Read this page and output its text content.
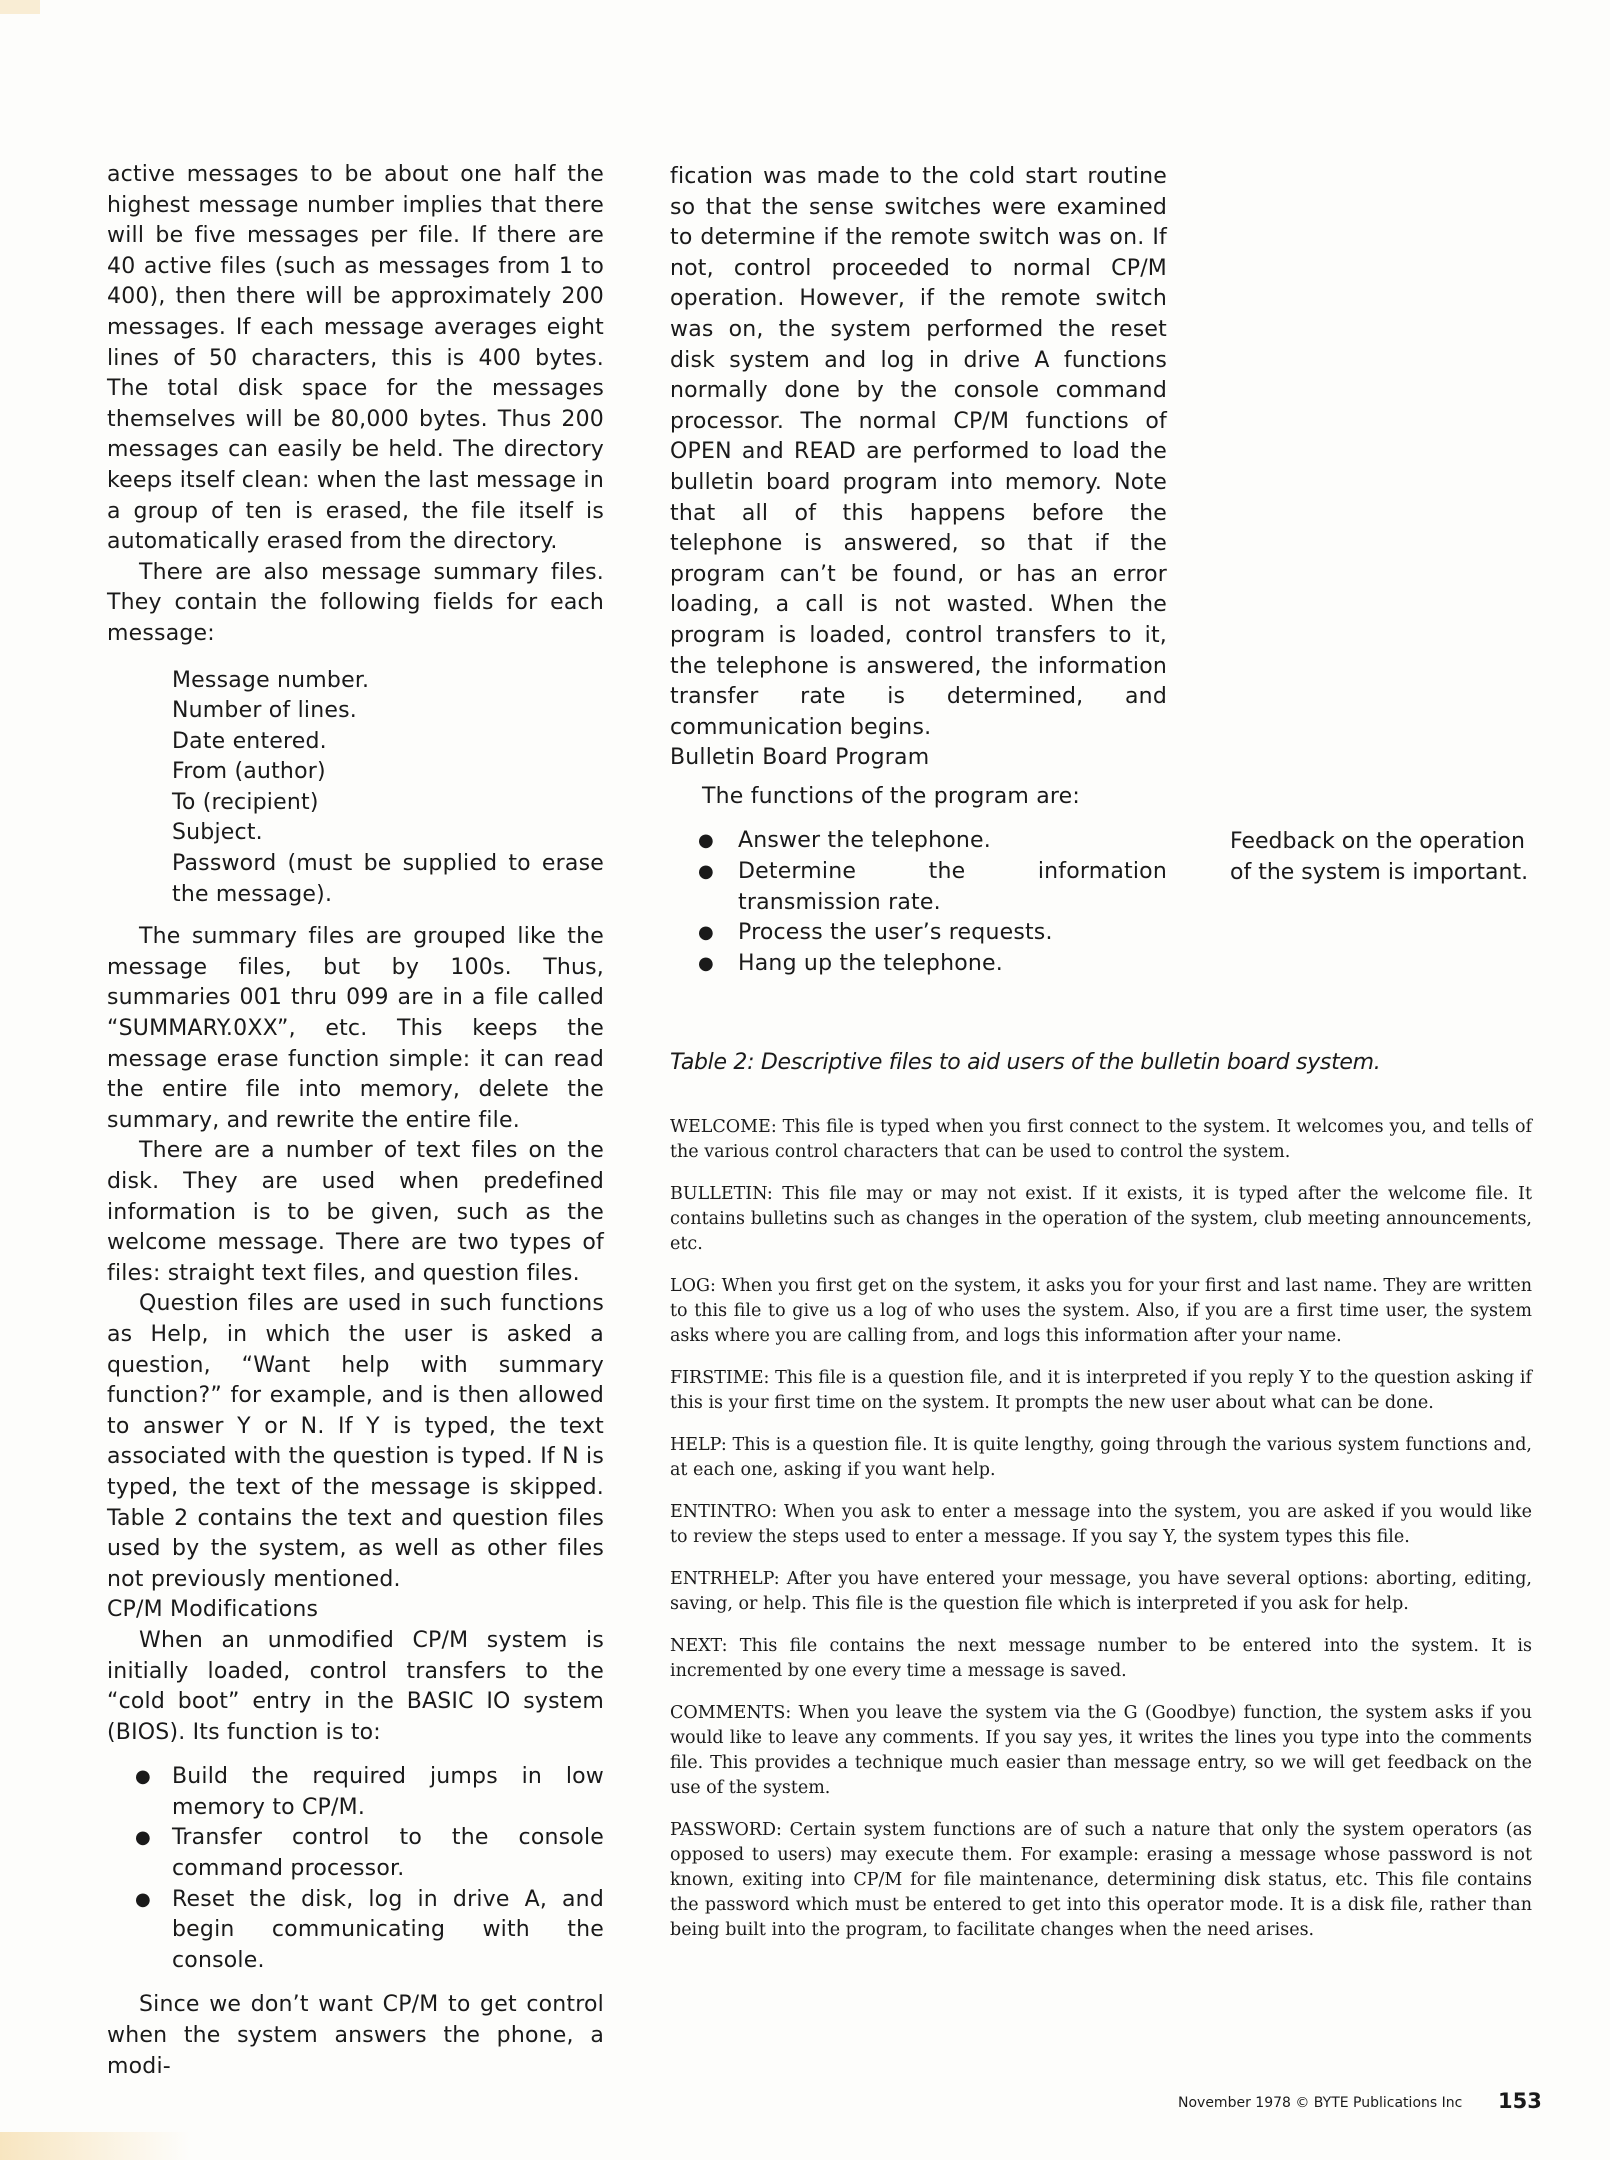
active messages to be about one half the highest message number implies that there will be five messages per file. If there are 40 active files (such as messages from 1 to 400), then there will be approximately 200 messages. If each message averages eight lines of 50 characters, this is 400 bytes. The total disk space for the messages themselves will be 80,000 bytes. Thus 200 messages can easily be held. The directory keeps itself clean: when the last message in a group of ten is erased, the file itself is automatically erased from the directory.

There are also message summary files. They contain the following fields for each message:

Message number.

Number of lines.

Date entered.

From (author)

To (recipient)

Subject.

Password (must be supplied to erase the message).

The summary files are grouped like the message files, but by 100s. Thus, summaries 001 thru 099 are in a file called “SUMMARY.0XX”, etc. This keeps the message erase function simple: it can read the entire file into memory, delete the summary, and rewrite the entire file.

There are a number of text files on the disk. They are used when predefined information is to be given, such as the welcome message. There are two types of files: straight text files, and question files.

Question files are used in such functions as Help, in which the user is asked a question, “Want help with summary function?” for example, and is then allowed to answer Y or N. If Y is typed, the text associated with the question is typed. If N is typed, the text of the message is skipped. Table 2 contains the text and question files used by the system, as well as other files not previously mentioned.

CP/M Modifications

When an unmodified CP/M system is initially loaded, control transfers to the “cold boot” entry in the BASIC IO system (BIOS). Its function is to:

● Build the required jumps in low memory to CP/M.
● Transfer control to the console command processor.
● Reset the disk, log in drive A, and begin communicating with the console.

Since we don’t want CP/M to get control when the system answers the phone, a modi-

fication was made to the cold start routine so that the sense switches were examined to determine if the remote switch was on. If not, control proceeded to normal CP/M operation. However, if the remote switch was on, the system performed the reset disk system and log in drive A functions normally done by the console command processor. The normal CP/M functions of OPEN and READ are performed to load the bulletin board program into memory. Note that all of this happens before the telephone is answered, so that if the program can’t be found, or has an error loading, a call is not wasted. When the program is loaded, control transfers to it, the telephone is answered, the information transfer rate is determined, and communication begins.

Bulletin Board Program

The functions of the program are:

● Answer the telephone.
● Determine the information transmission rate.
● Process the user’s requests.
● Hang up the telephone.
Feedback on the operation of the system is important.
Table 2: Descriptive files to aid users of the bulletin board system.

WELCOME: This file is typed when you first connect to the system. It welcomes you, and tells of the various control characters that can be used to control the system.

BULLETIN: This file may or may not exist. If it exists, it is typed after the welcome file. It contains bulletins such as changes in the operation of the system, club meeting announcements, etc.

LOG: When you first get on the system, it asks you for your first and last name. They are written to this file to give us a log of who uses the system. Also, if you are a first time user, the system asks where you are calling from, and logs this information after your name.

FIRSTIME: This file is a question file, and it is interpreted if you reply Y to the question asking if this is your first time on the system. It prompts the new user about what can be done.

HELP: This is a question file. It is quite lengthy, going through the various system functions and, at each one, asking if you want help.

ENTINTRO: When you ask to enter a message into the system, you are asked if you would like to review the steps used to enter a message. If you say Y, the system types this file.

ENTRHELP: After you have entered your message, you have several options: aborting, editing, saving, or help. This file is the question file which is interpreted if you ask for help.

NEXT: This file contains the next message number to be entered into the system. It is incremented by one every time a message is saved.

COMMENTS: When you leave the system via the G (Goodbye) function, the system asks if you would like to leave any comments. If you say yes, it writes the lines you type into the comments file. This provides a technique much easier than message entry, so we will get feedback on the use of the system.

PASSWORD: Certain system functions are of such a nature that only the system operators (as opposed to users) may execute them. For example: erasing a message whose password is not known, exiting into CP/M for file maintenance, determining disk status, etc. This file contains the password which must be entered to get into this operator mode. It is a disk file, rather than being built into the program, to facilitate changes when the need arises.

November 1978 © BYTE Publications Inc 153
